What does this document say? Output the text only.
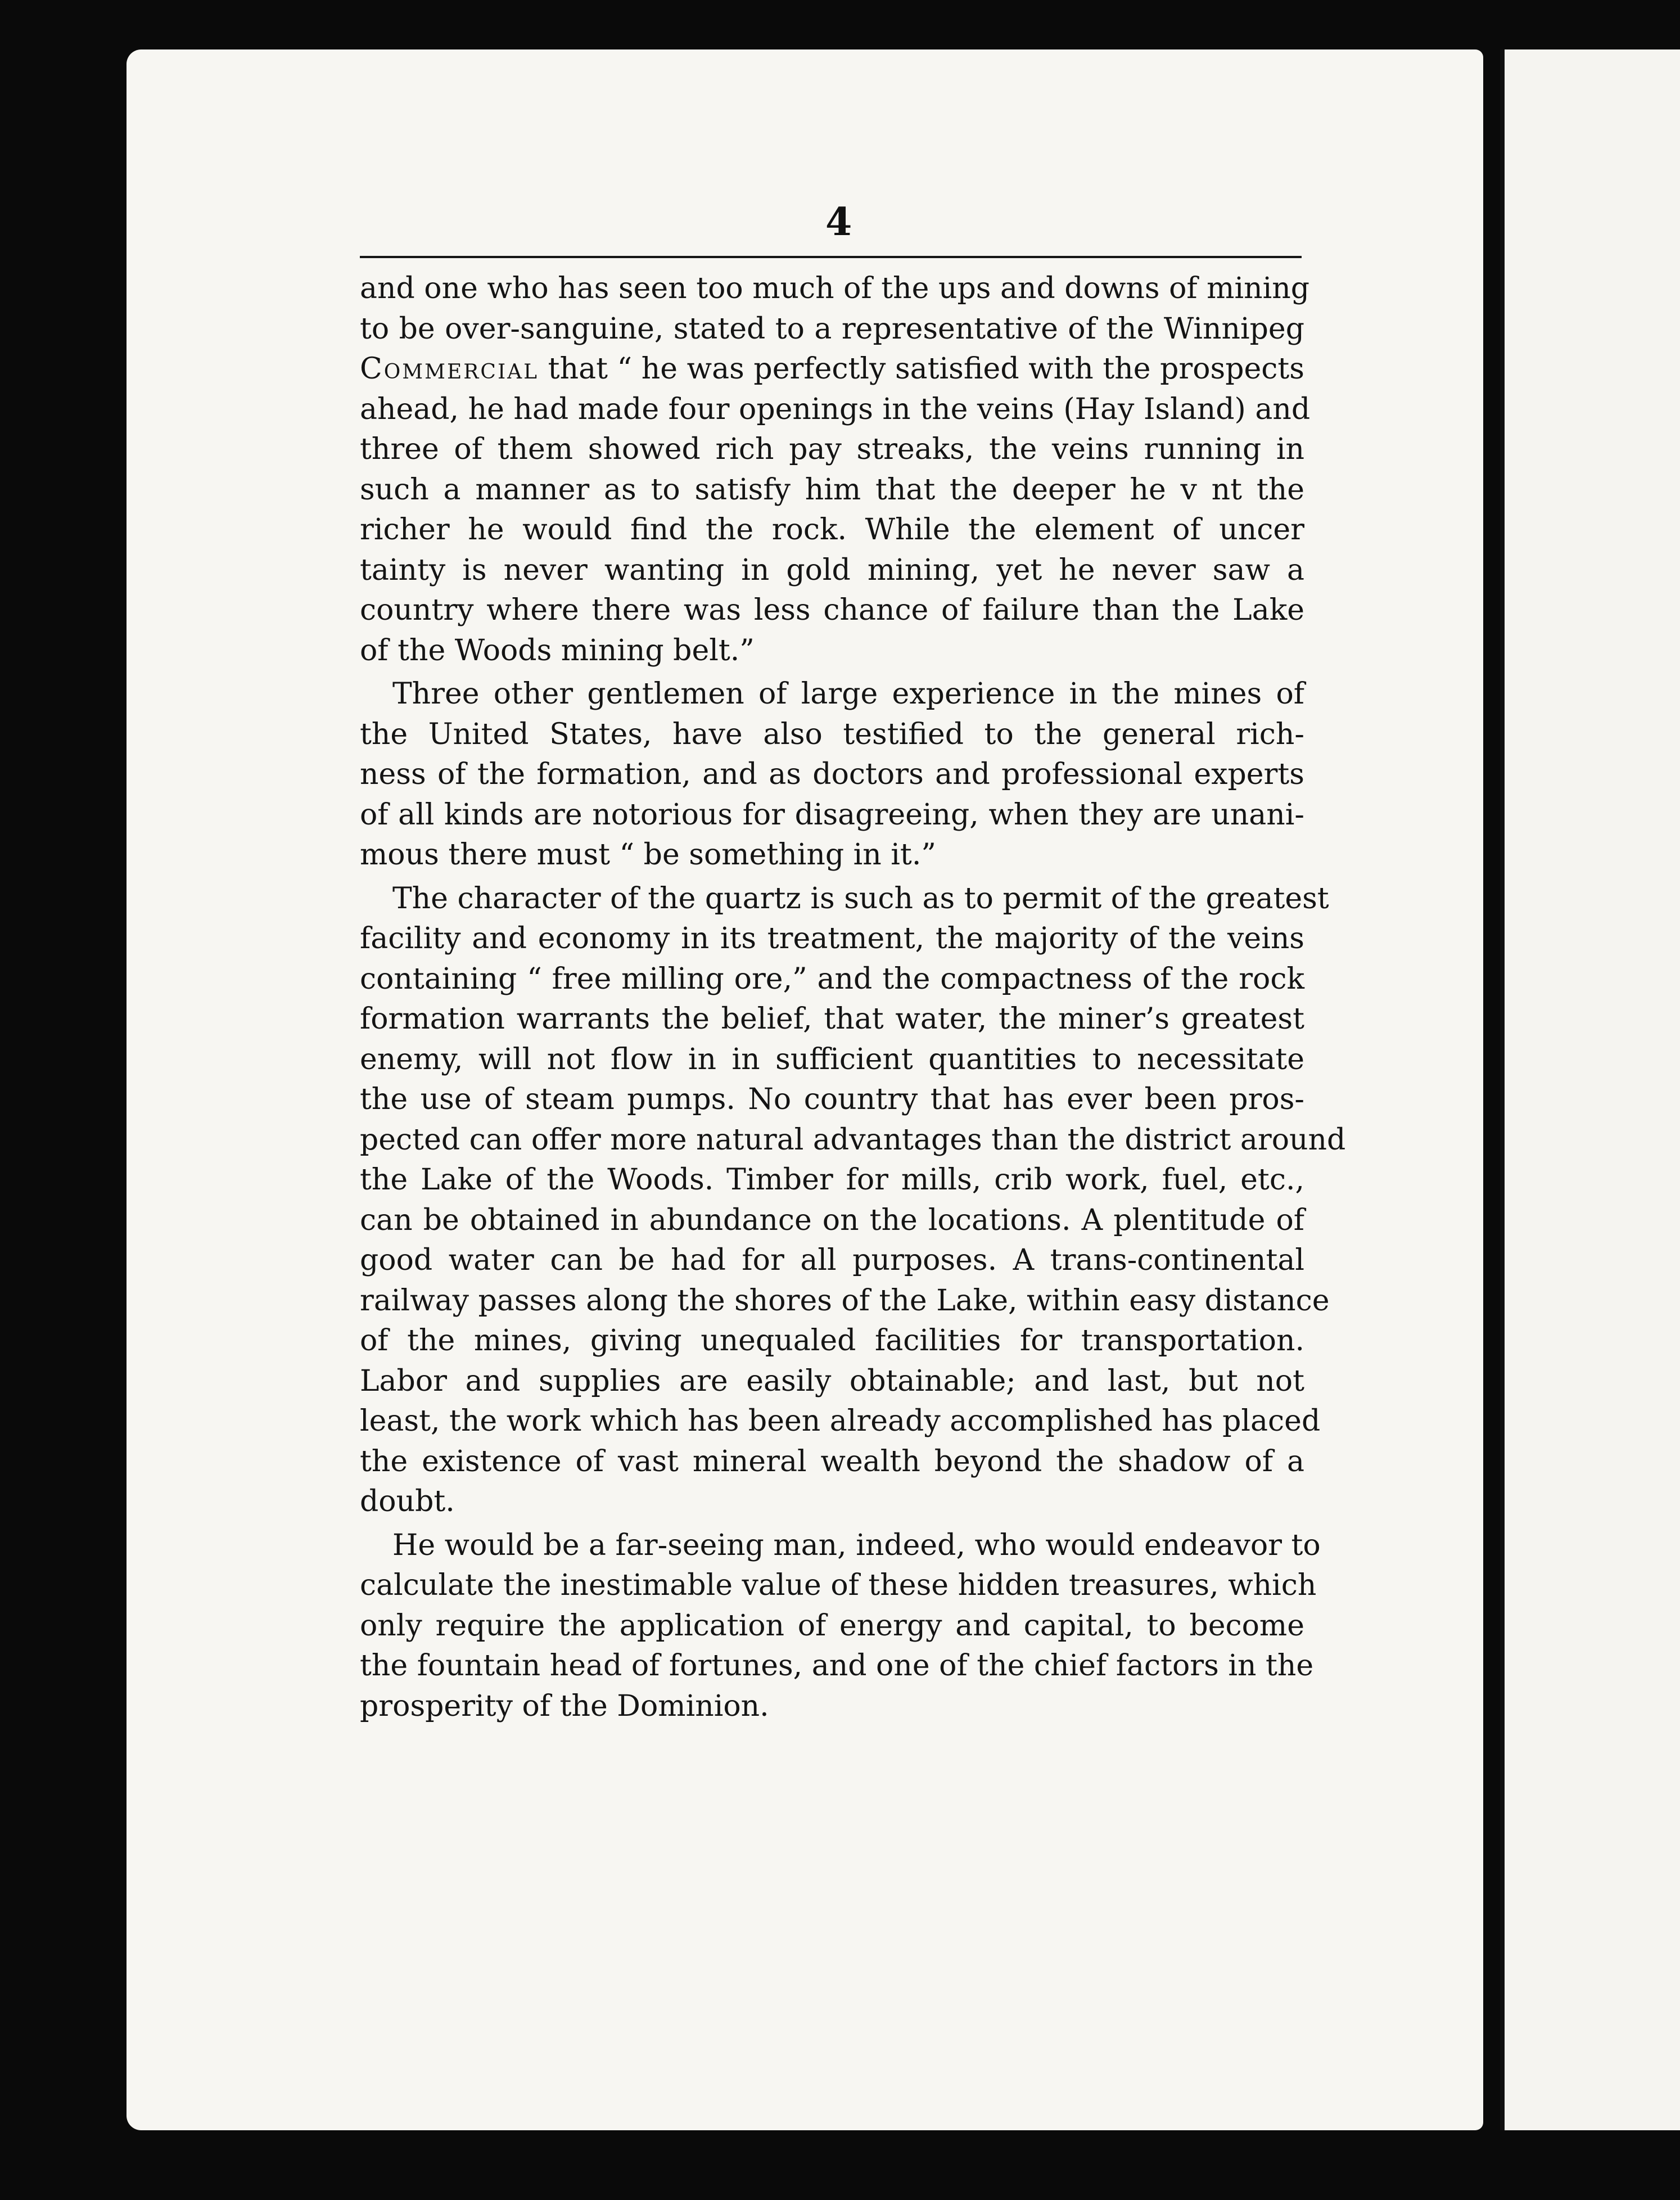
4
and one who has seen too much of the ups and downs of mining
to be over-sanguine, stated to a representative of the Winnipeg
Commercial that “ he was perfectly satisfied with the prospects
ahead, he had made four openings in the veins (Hay Island) and
three of them showed rich pay streaks, the veins running in
such a manner as to satisfy him that the deeper he v nt the
richer he would find the rock. While the element of uncer
tainty is never wanting in gold mining, yet he never saw a
country where there was less chance of failure than the Lake
of the Woods mining belt.”
Three other gentlemen of large experience in the mines of
the United States, have also testified to the general rich-
ness of the formation, and as doctors and professional experts
of all kinds are notorious for disagreeing, when they are unani-
mous there must “ be something in it.”
The character of the quartz is such as to permit of the greatest
facility and economy in its treatment, the majority of the veins
containing “ free milling ore,” and the compactness of the rock
formation warrants the belief, that water, the miner’s greatest
enemy, will not flow in in sufficient quantities to necessitate
the use of steam pumps. No country that has ever been pros-
pected can offer more natural advantages than the district around
the Lake of the Woods. Timber for mills, crib work, fuel, etc.,
can be obtained in abundance on the locations. A plentitude of
good water can be had for all purposes. A trans-continental
railway passes along the shores of the Lake, within easy distance
of the mines, giving unequaled facilities for transportation.
Labor and supplies are easily obtainable; and last, but not
least, the work which has been already accomplished has placed
the existence of vast mineral wealth beyond the shadow of a
doubt.
He would be a far-seeing man, indeed, who would endeavor to
calculate the inestimable value of these hidden treasures, which
only require the application of energy and capital, to become
the fountain head of fortunes, and one of the chief factors in the
prosperity of the Dominion.
